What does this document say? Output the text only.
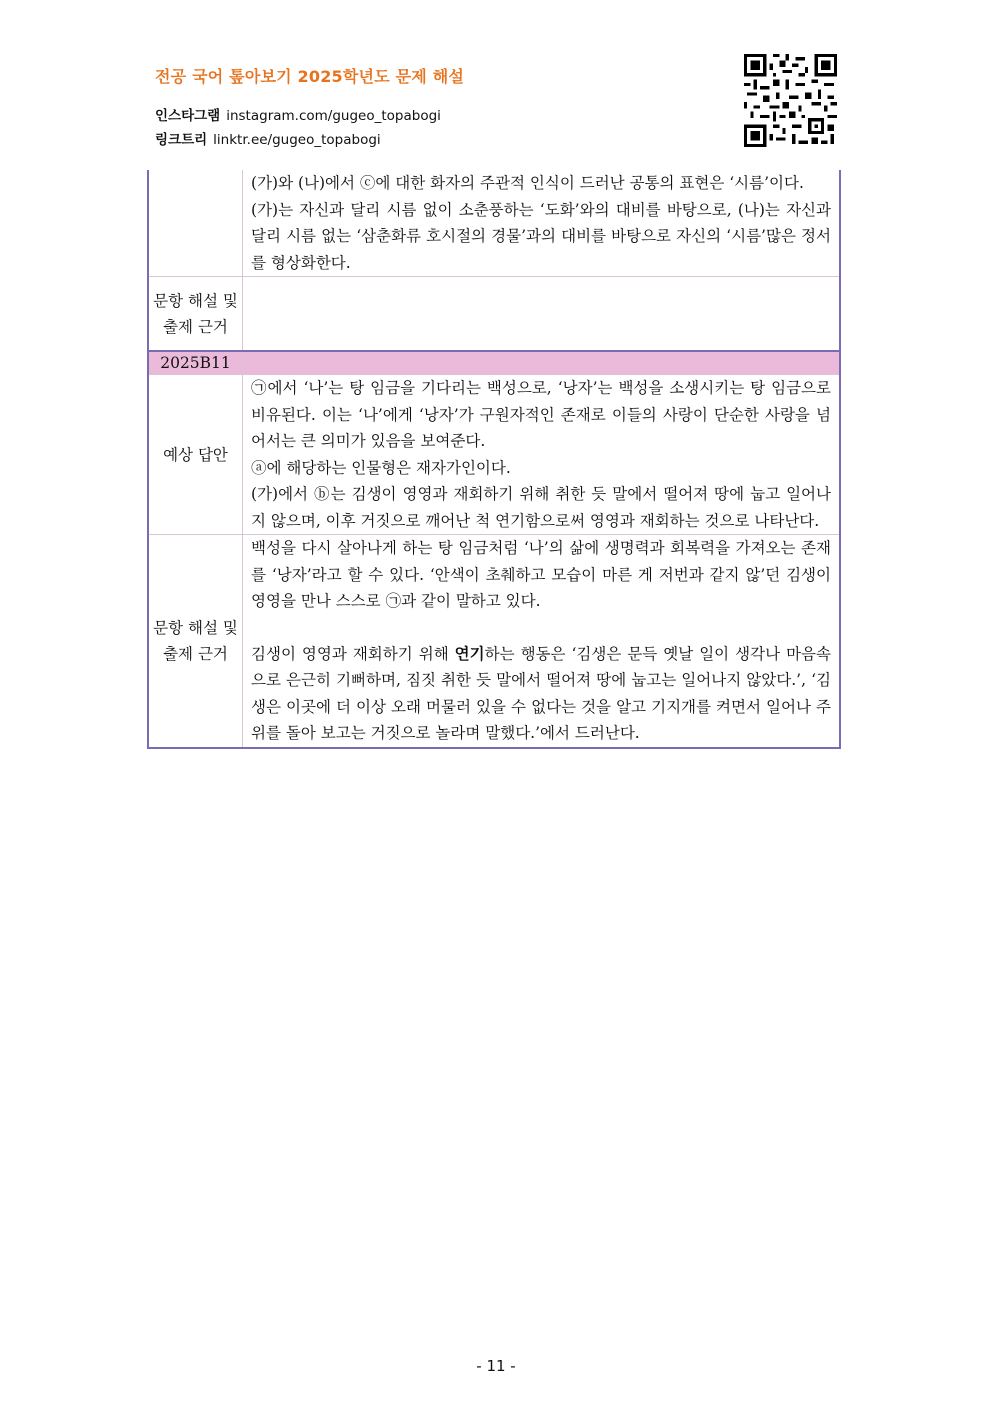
전공 국어 톺아보기 2025학년도 문제 해설
인스타그램 instagram.com/gugeo_topabogi
링크트리 linktr.ee/gugeo_topabogi

	(가)와 (나)에서 ⓒ에 대한 화자의 주관적 인식이 드러난 공통의 표현은 ‘시름’이다.

(가)는 자신과 달리 시름 없이 소춘풍하는 ‘도화’와의 대비를 바탕으로, (나)는 자신과 달리 시름 없는 ‘삼춘화류 호시절의 경물’과의 대비를 바탕으로 자신의 ‘시름’많은 정서를 형상화한다.

문항 해설 및 출제 근거	
2025B11	
예상 답안	㉠에서 ‘나’는 탕 임금을 기다리는 백성으로, ‘낭자’는 백성을 소생시키는 탕 임금으로 비유된다. 이는 ‘나’에게 ‘낭자’가 구원자적인 존재로 이들의 사랑이 단순한 사랑을 넘어서는 큰 의미가 있음을 보여준다.

ⓐ에 해당하는 인물형은 재자가인이다.

(가)에서 ⓑ는 김생이 영영과 재회하기 위해 취한 듯 말에서 떨어져 땅에 눕고 일어나지 않으며, 이후 거짓으로 깨어난 척 연기함으로써 영영과 재회하는 것으로 나타난다.

문항 해설 및 출제 근거	백성을 다시 살아나게 하는 탕 임금처럼 ‘나’의 삶에 생명력과 회복력을 가져오는 존재를 ‘낭자’라고 할 수 있다. ‘안색이 초췌하고 모습이 마른 게 저번과 같지 않’던 김생이 영영을 만나 스스로 ㉠과 같이 말하고 있다.

김생이 영영과 재회하기 위해 연기하는 행동은 ‘김생은 문득 옛날 일이 생각나 마음속으로 은근히 기뻐하며, 짐짓 취한 듯 말에서 떨어져 땅에 눕고는 일어나지 않았다.’, ‘김생은 이곳에 더 이상 오래 머물러 있을 수 없다는 것을 알고 기지개를 켜면서 일어나 주위를 돌아 보고는 거짓으로 놀라며 말했다.’에서 드러난다.

- 11 -
